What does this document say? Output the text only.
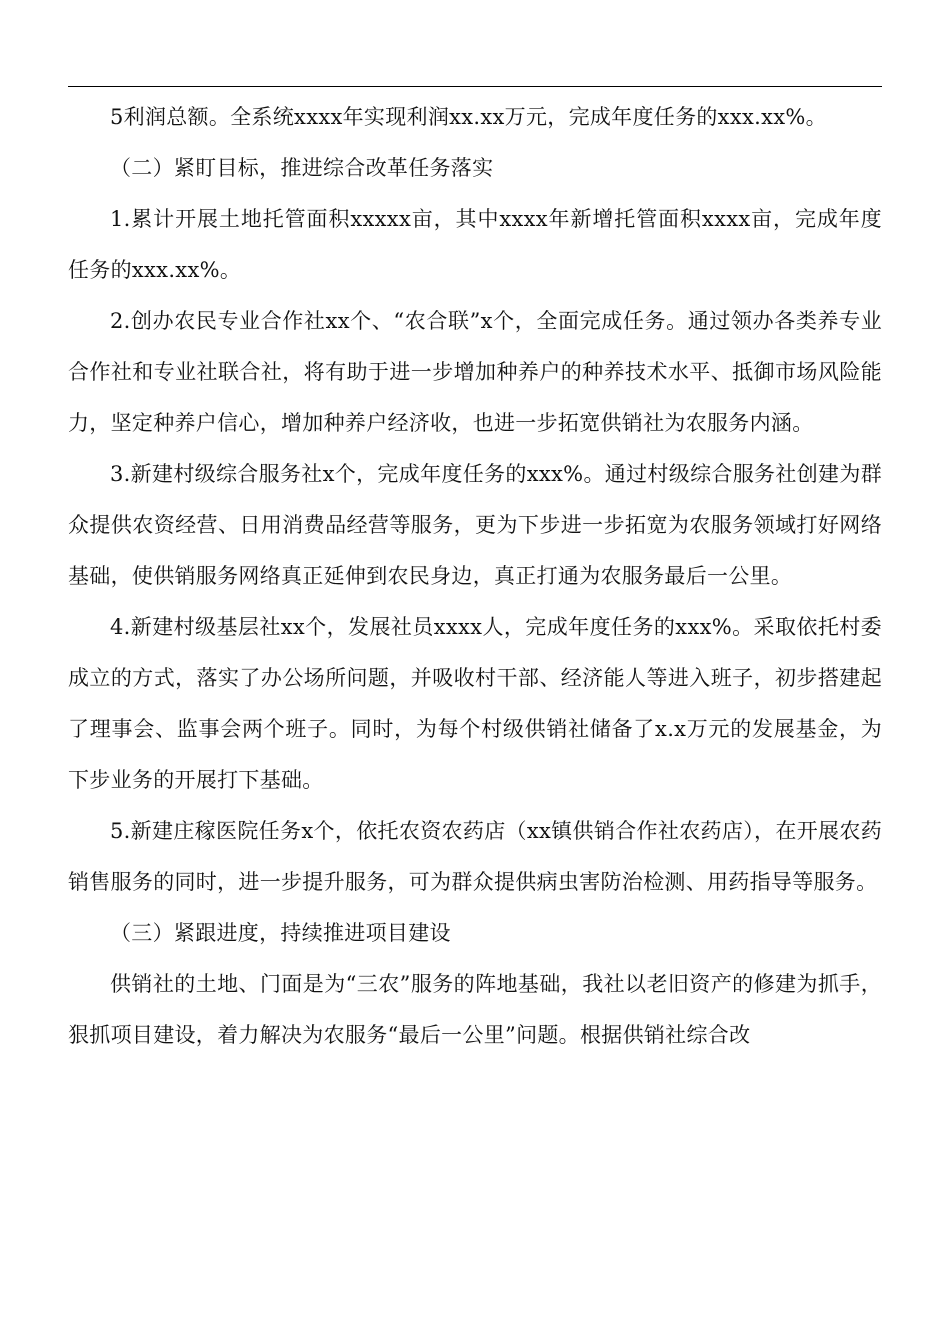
5利润总额。全系统xxxx年实现利润xx.xx万元，完成年度任务的xxx.xx%。

（二）紧盯目标，推进综合改革任务落实

1.累计开展土地托管面积xxxxx亩，其中xxxx年新增托管面积xxxx亩，完成年度任务的xxx.xx%。

2.创办农民专业合作社xx个、“农合联”x个，全面完成任务。通过领办各类养专业合作社和专业社联合社，将有助于进一步增加种养户的种养技术水平、抵御市场风险能力，坚定种养户信心，增加种养户经济收，也进一步拓宽供销社为农服务内涵。

3.新建村级综合服务社x个，完成年度任务的xxx%。通过村级综合服务社创建为群众提供农资经营、日用消费品经营等服务，更为下步进一步拓宽为农服务领域打好网络基础，使供销服务网络真正延伸到农民身边，真正打通为农服务最后一公里。

4.新建村级基层社xx个，发展社员xxxx人，完成年度任务的xxx%。采取依托村委成立的方式，落实了办公场所问题，并吸收村干部、经济能人等进入班子，初步搭建起了理事会、监事会两个班子。同时，为每个村级供销社储备了x.x万元的发展基金，为下步业务的开展打下基础。

5.新建庄稼医院任务x个，依托农资农药店（xx镇供销合作社农药店），在开展农药销售服务的同时，进一步提升服务，可为群众提供病虫害防治检测、用药指导等服务。

（三）紧跟进度，持续推进项目建设

供销社的土地、门面是为“三农”服务的阵地基础，我社以老旧资产的修建为抓手，狠抓项目建设，着力解决为农服务“最后一公里”问题。根据供销社综合改
